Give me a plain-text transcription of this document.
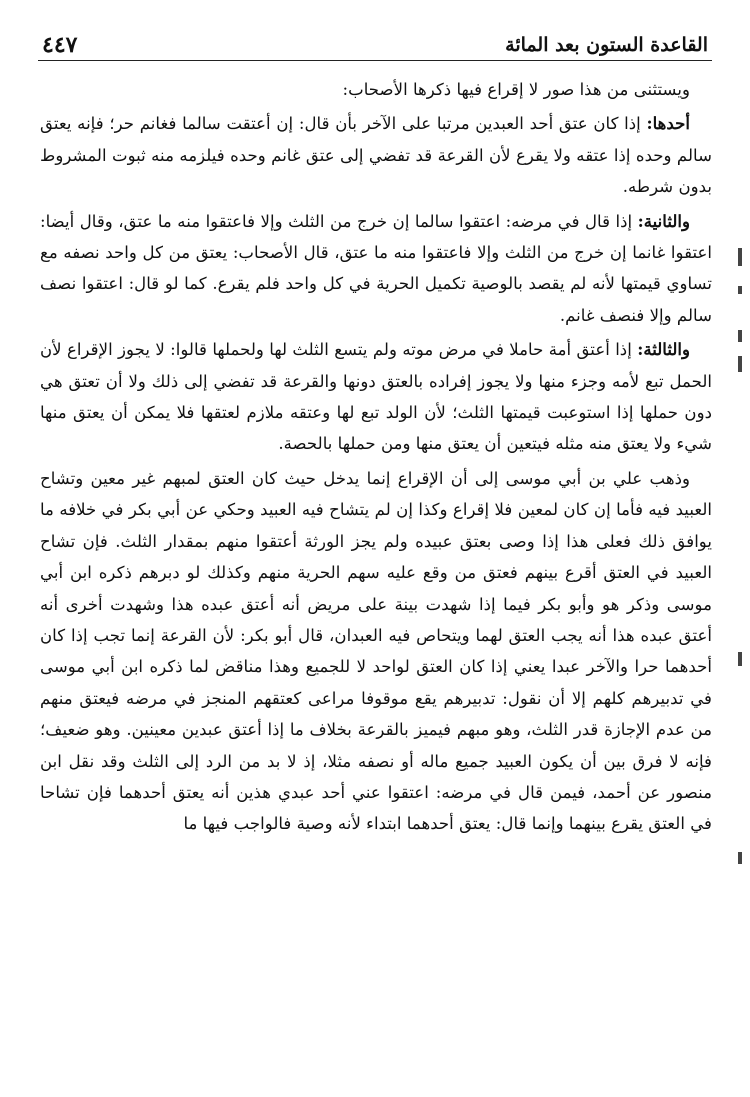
٤٤٧	القاعدة الستون بعد المائة

ويستثنى من هذا صور لا إقراع فيها ذكرها الأصحاب:

أحدها: إذا كان عتق أحد العبدين مرتبا على الآخر بأن قال: إن أعتقت سالما فغانم حر؛ فإنه يعتق سالم وحده إذا عتقه ولا يقرع لأن القرعة قد تفضي إلى عتق غانم وحده فيلزمه منه ثبوت المشروط بدون شرطه.

والثانية: إذا قال في مرضه: اعتقوا سالما إن خرج من الثلث وإلا فاعتقوا منه ما عتق، وقال أيضا: اعتقوا غانما إن خرج من الثلث وإلا فاعتقوا منه ما عتق، قال الأصحاب: يعتق من كل واحد نصفه مع تساوي قيمتها لأنه لم يقصد بالوصية تكميل الحرية في كل واحد فلم يقرع. كما لو قال: اعتقوا نصف سالم وإلا فنصف غانم.

والثالثة: إذا أعتق أمة حاملا في مرض موته ولم يتسع الثلث لها ولحملها قالوا: لا يجوز الإقراع لأن الحمل تبع لأمه وجزء منها ولا يجوز إفراده بالعتق دونها والقرعة قد تفضي إلى ذلك ولا أن تعتق هي دون حملها إذا استوعبت قيمتها الثلث؛ لأن الولد تبع لها وعتقه ملازم لعتقها فلا يمكن أن يعتق منها شيء ولا يعتق منه مثله فيتعين أن يعتق منها ومن حملها بالحصة.

وذهب علي بن أبي موسى إلى أن الإقراع إنما يدخل حيث كان العتق لمبهم غير معين وتشاح العبيد فيه فأما إن كان لمعين فلا إقراع وكذا إن لم يتشاح فيه العبيد وحكي عن أبي بكر في خلافه ما يوافق ذلك فعلى هذا إذا وصى بعتق عبيده ولم يجز الورثة أعتقوا منهم بمقدار الثلث. فإن تشاح العبيد في العتق أقرع بينهم فعتق من وقع عليه سهم الحرية منهم وكذلك لو دبرهم ذكره ابن أبي موسى وذكر هو وأبو بكر فيما إذا شهدت بينة على مريض أنه أعتق عبده هذا وشهدت أخرى أنه أعتق عبده هذا أنه يجب العتق لهما ويتحاص فيه العبدان، قال أبو بكر: لأن القرعة إنما تجب إذا كان أحدهما حرا والآخر عبدا يعني إذا كان العتق لواحد لا للجميع وهذا مناقض لما ذكره ابن أبي موسى في تدبيرهم كلهم إلا أن نقول: تدبيرهم يقع موقوفا مراعى كعتقهم المنجز في مرضه فيعتق منهم من عدم الإجازة قدر الثلث، وهو مبهم فيميز بالقرعة بخلاف ما إذا أعتق عبدين معينين. وهو ضعيف؛ فإنه لا فرق بين أن يكون العبيد جميع ماله أو نصفه مثلا، إذ لا بد من الرد إلى الثلث وقد نقل ابن منصور عن أحمد، فيمن قال في مرضه: اعتقوا عني أحد عبدي هذين أنه يعتق أحدهما فإن تشاحا في العتق يقرع بينهما وإنما قال: يعتق أحدهما ابتداء لأنه وصية فالواجب فيها ما
